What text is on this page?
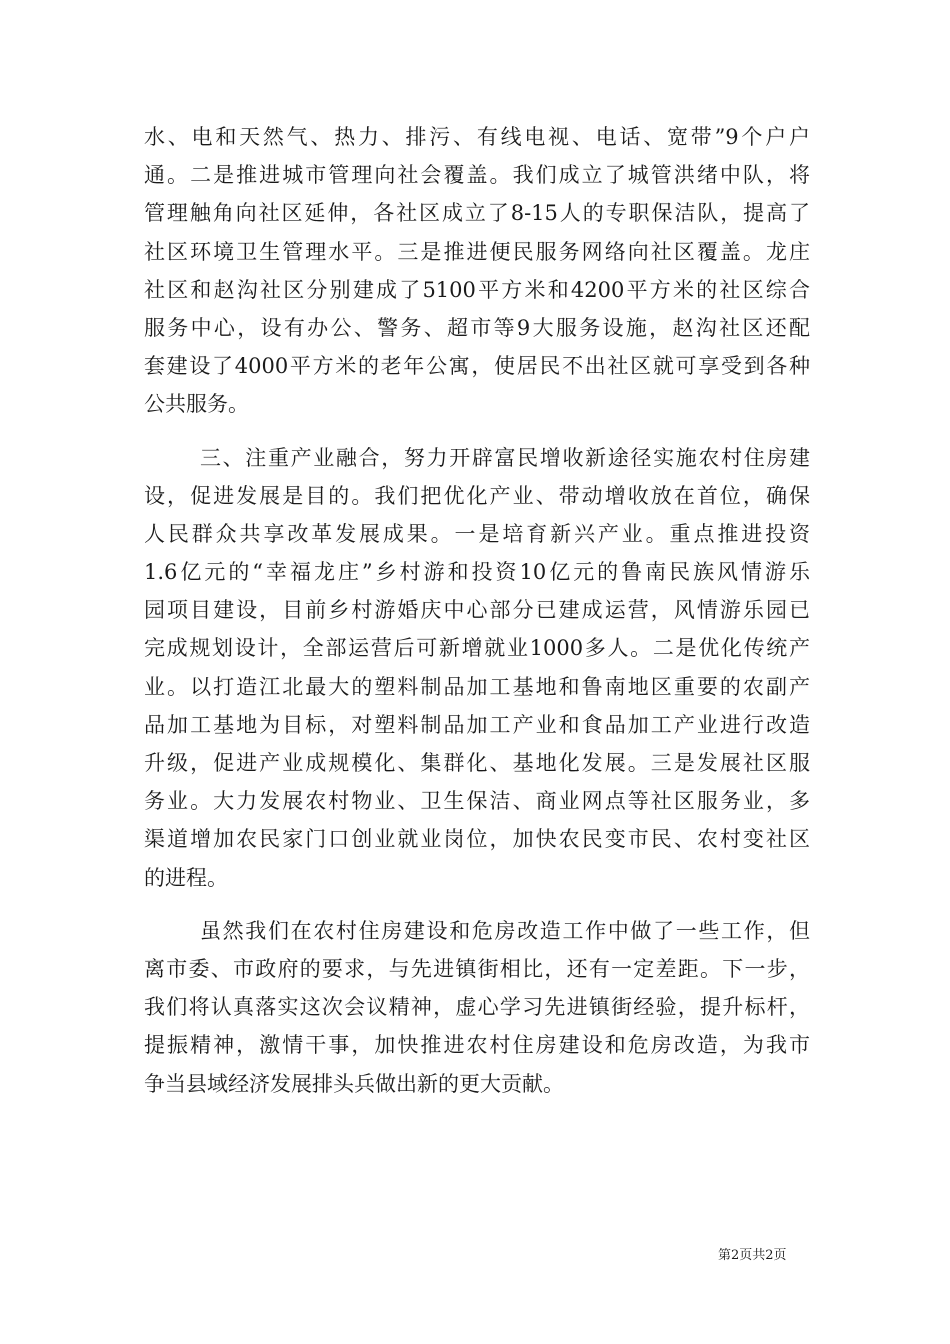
水、电和天然气、热力、排污、有线电视、电话、宽带”9个户户
通。二是推进城市管理向社会覆盖。我们成立了城管洪绪中队，将
管理触角向社区延伸，各社区成立了8-15人的专职保洁队，提高了
社区环境卫生管理水平。三是推进便民服务网络向社区覆盖。龙庄
社区和赵沟社区分别建成了5100平方米和4200平方米的社区综合
服务中心，设有办公、警务、超市等9大服务设施，赵沟社区还配
套建设了4000平方米的老年公寓，使居民不出社区就可享受到各种
公共服务。
三、注重产业融合，努力开辟富民增收新途径实施农村住房建
设，促进发展是目的。我们把优化产业、带动增收放在首位，确保
人民群众共享改革发展成果。一是培育新兴产业。重点推进投资
1.6亿元的“幸福龙庄”乡村游和投资10亿元的鲁南民族风情游乐
园项目建设，目前乡村游婚庆中心部分已建成运营，风情游乐园已
完成规划设计，全部运营后可新增就业1000多人。二是优化传统产
业。以打造江北最大的塑料制品加工基地和鲁南地区重要的农副产
品加工基地为目标，对塑料制品加工产业和食品加工产业进行改造
升级，促进产业成规模化、集群化、基地化发展。三是发展社区服
务业。大力发展农村物业、卫生保洁、商业网点等社区服务业，多
渠道增加农民家门口创业就业岗位，加快农民变市民、农村变社区
的进程。
虽然我们在农村住房建设和危房改造工作中做了一些工作，但
离市委、市政府的要求，与先进镇街相比，还有一定差距。下一步，
我们将认真落实这次会议精神，虚心学习先进镇街经验，提升标杆，
提振精神，激情干事，加快推进农村住房建设和危房改造，为我市
争当县域经济发展排头兵做出新的更大贡献。
第2页共2页
